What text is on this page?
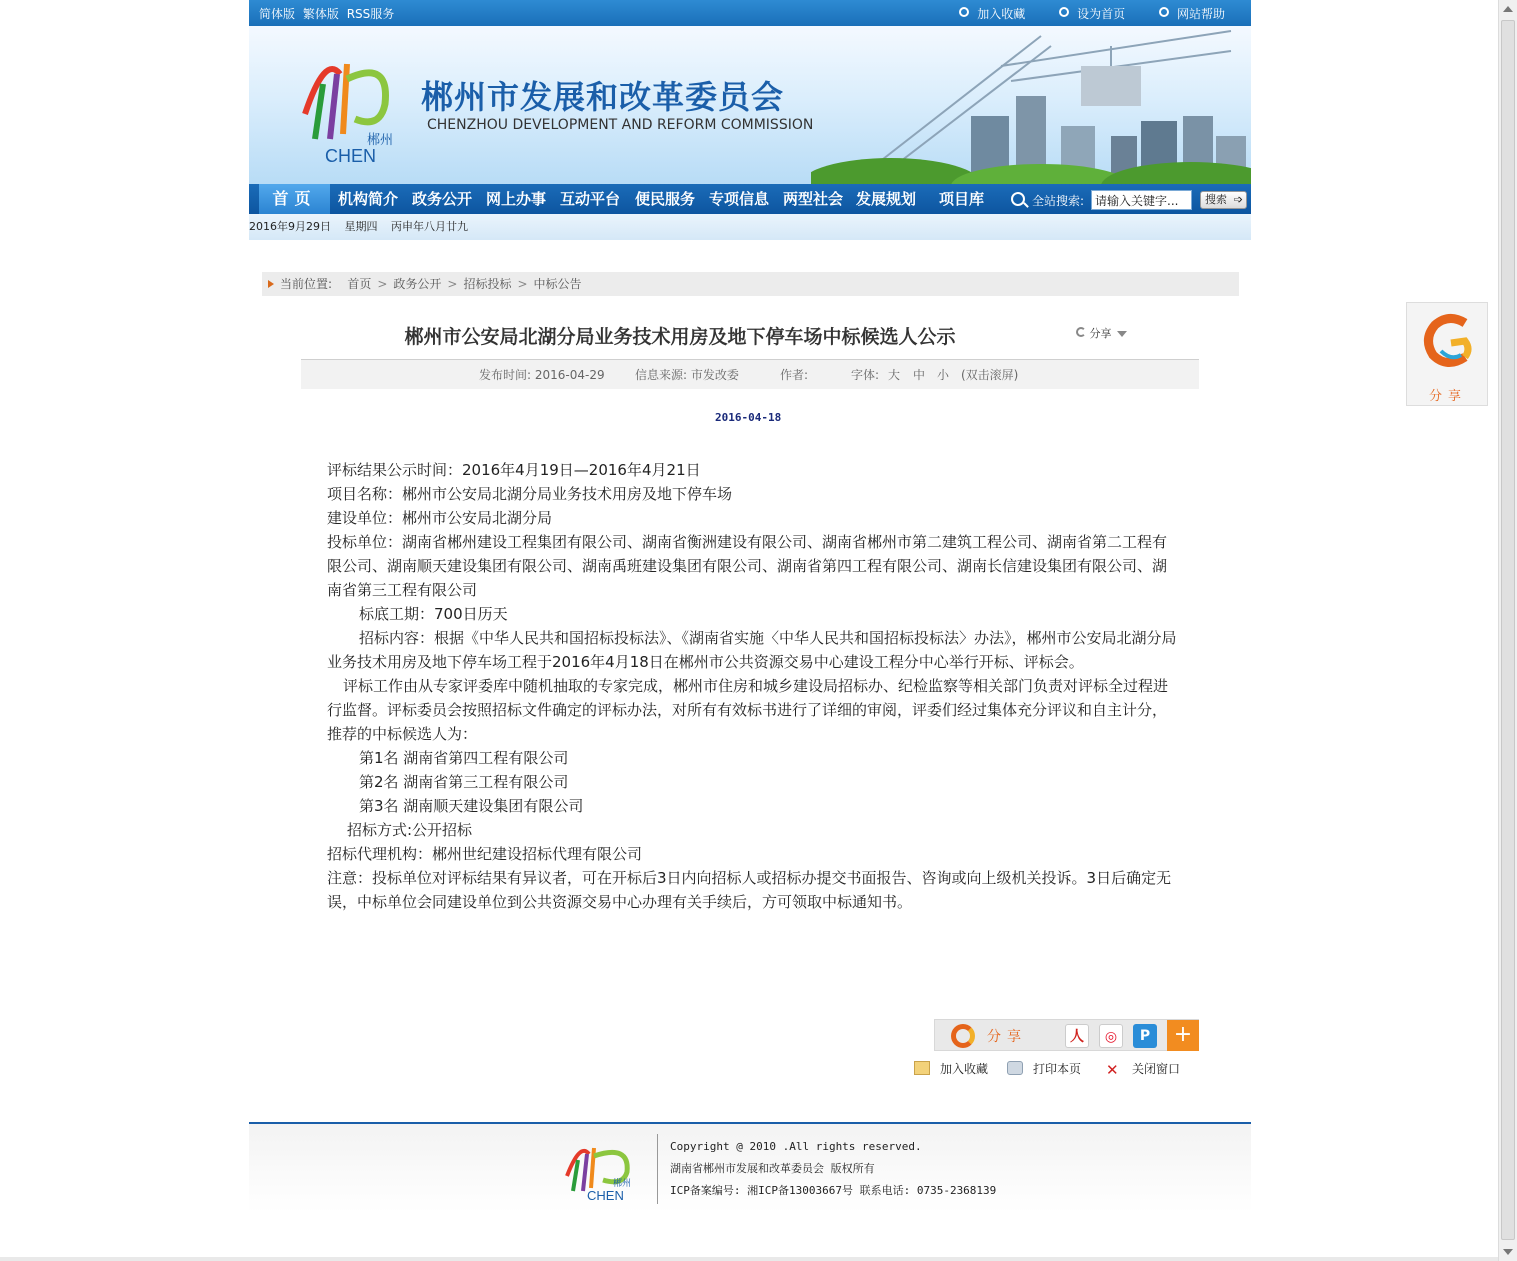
简体版 繁体版 RSS服务	加入收藏	设为首页	网站帮助
郴州
CHEN
郴州市发展和改革委员会
CHENZHOU DEVELOPMENT AND REFORM COMMISSION
首页	机构简介 政务公开 网上办事 互动平台 便民服务 专项信息 两型社会 发展规划 项目库	全站搜索:
请输入关键字...	搜索 ➩
2016年9月29日 星期四 丙申年八月廿九
当前位置: 首页 > 政务公开 > 招标投标 > 中标公告
郴州市公安局北湖分局业务技术用房及地下停车场中标候选人公示	分享
发布时间: 2016-04-29	信息来源: 市发改委	作者:	字体: 大 中 小 (双击滚屏)
2016-04-18

评标结果公示时间：2016年4月19日—2016年4月21日

项目名称：郴州市公安局北湖分局业务技术用房及地下停车场

建设单位：郴州市公安局北湖分局

投标单位：湖南省郴州建设工程集团有限公司、湖南省衡洲建设有限公司、湖南省郴州市第二建筑工程公司、湖南省第二工程有限公司、湖南顺天建设集团有限公司、湖南禹班建设集团有限公司、湖南省第四工程有限公司、湖南长信建设集团有限公司、湖南省第三工程有限公司

标底工期：700日历天

招标内容：根据《中华人民共和国招标投标法》、《湖南省实施〈中华人民共和国招标投标法〉办法》，郴州市公安局北湖分局业务技术用房及地下停车场工程于2016年4月18日在郴州市公共资源交易中心建设工程分中心举行开标、评标会。

评标工作由从专家评委库中随机抽取的专家完成，郴州市住房和城乡建设局招标办、纪检监察等相关部门负责对评标全过程进行监督。评标委员会按照招标文件确定的评标办法，对所有有效标书进行了详细的审阅，评委们经过集体充分评议和自主计分，推荐的中标候选人为：

第1名 湖南省第四工程有限公司

第2名 湖南省第三工程有限公司

第3名 湖南顺天建设集团有限公司

招标方式:公开招标

招标代理机构：郴州世纪建设招标代理有限公司

注意：投标单位对评标结果有异议者，可在开标后3日内向招标人或招标办提交书面报告、咨询或向上级机关投诉。3日后确定无误，中标单位会同建设单位到公共资源交易中心办理有关手续后，方可领取中标通知书。

分享	人	◎	P	+
加入收藏	打印本页 ✕ 关闭窗口
郴州
CHEN
Copyright @ 2010 .All rights reserved.
湖南省郴州市发展和改革委员会 版权所有
ICP备案编号: 湘ICP备13003667号 联系电话: 0735-2368139
分享
